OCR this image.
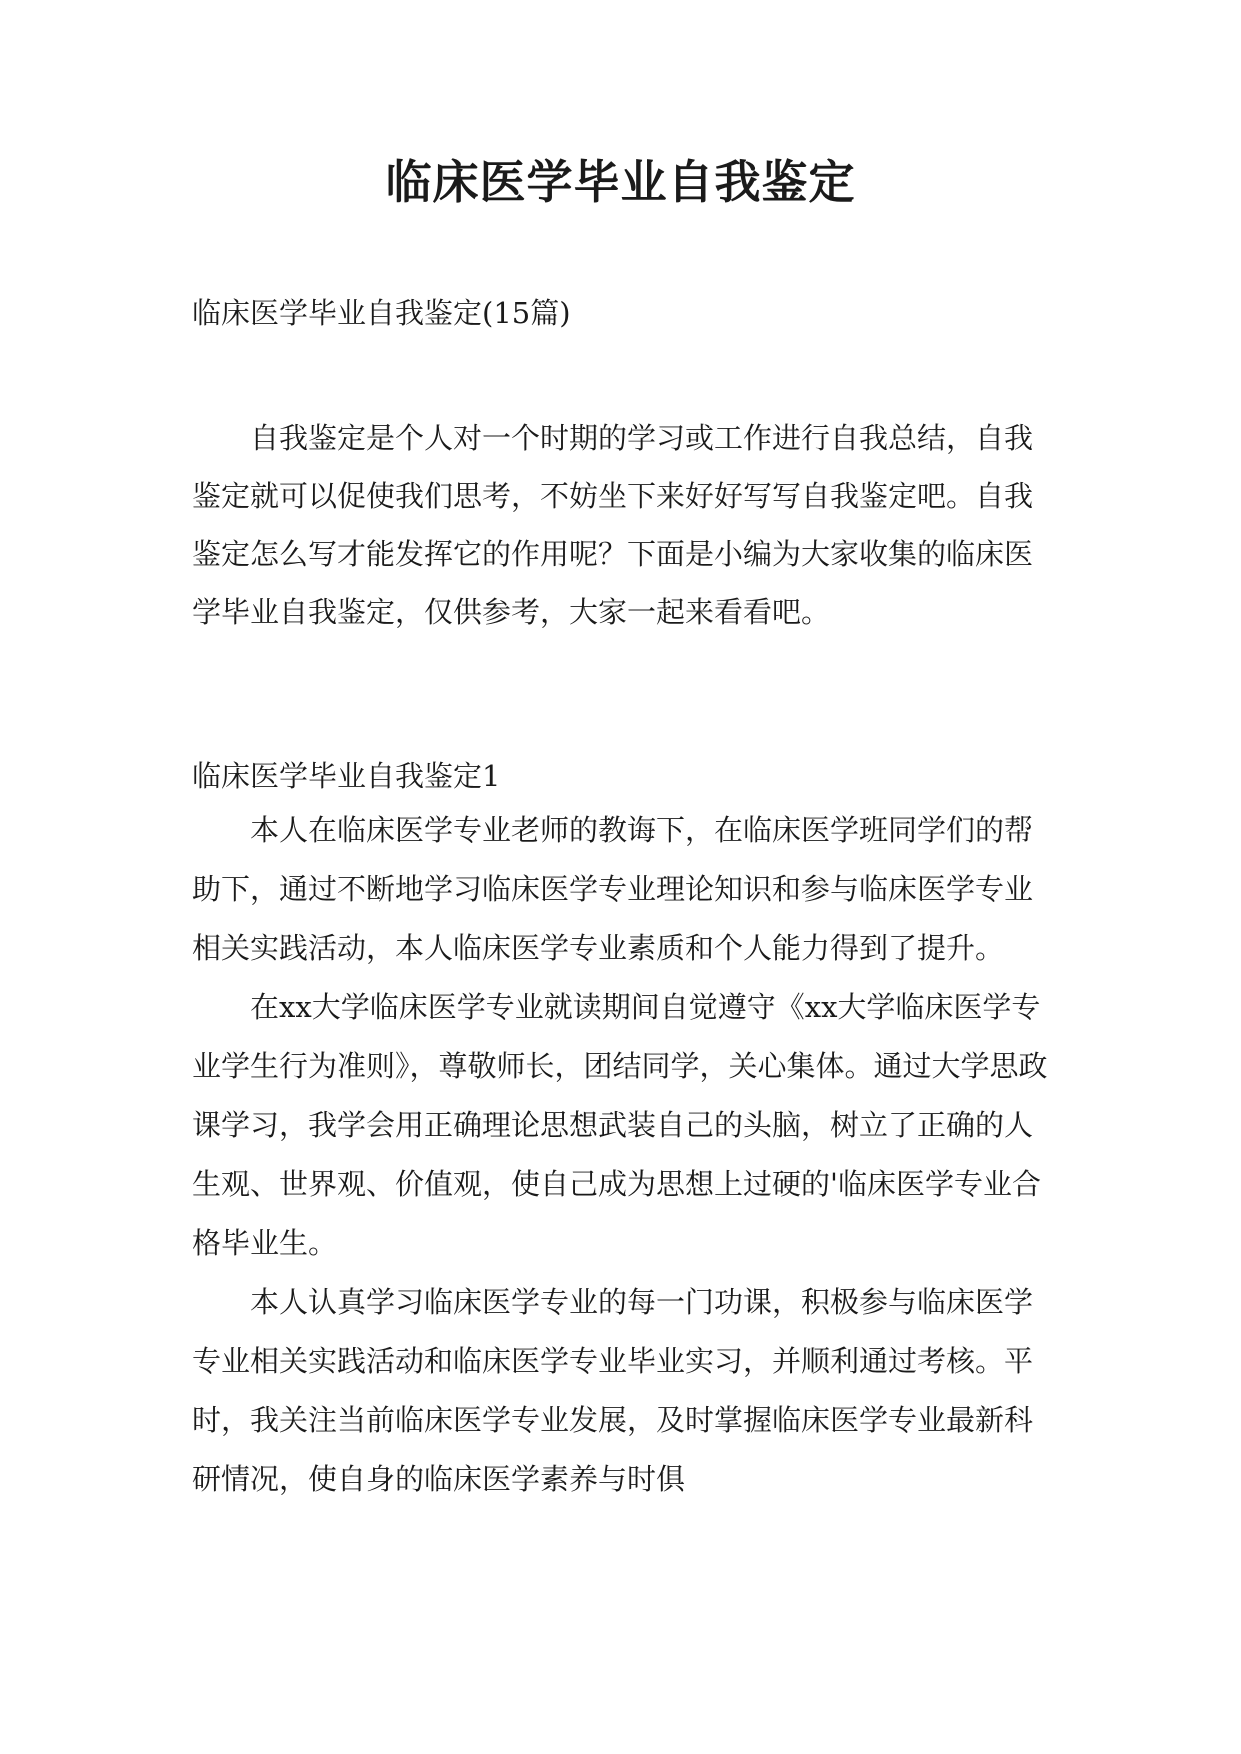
临床医学毕业自我鉴定

临床医学毕业自我鉴定(15篇)

自我鉴定是个人对一个时期的学习或工作进行自我总结，自我鉴定就可以促使我们思考，不妨坐下来好好写写自我鉴定吧。自我鉴定怎么写才能发挥它的作用呢？下面是小编为大家收集的临床医学毕业自我鉴定，仅供参考，大家一起来看看吧。

临床医学毕业自我鉴定1

本人在临床医学专业老师的教诲下，在临床医学班同学们的帮助下，通过不断地学习临床医学专业理论知识和参与临床医学专业相关实践活动，本人临床医学专业素质和个人能力得到了提升。

在xx大学临床医学专业就读期间自觉遵守《xx大学临床医学专业学生行为准则》，尊敬师长，团结同学，关心集体。通过大学思政课学习，我学会用正确理论思想武装自己的头脑，树立了正确的人生观、世界观、价值观，使自己成为思想上过硬的'临床医学专业合格毕业生。

本人认真学习临床医学专业的每一门功课，积极参与临床医学专业相关实践活动和临床医学专业毕业实习，并顺利通过考核。平时，我关注当前临床医学专业发展，及时掌握临床医学专业最新科研情况，使自身的临床医学素养与时俱
